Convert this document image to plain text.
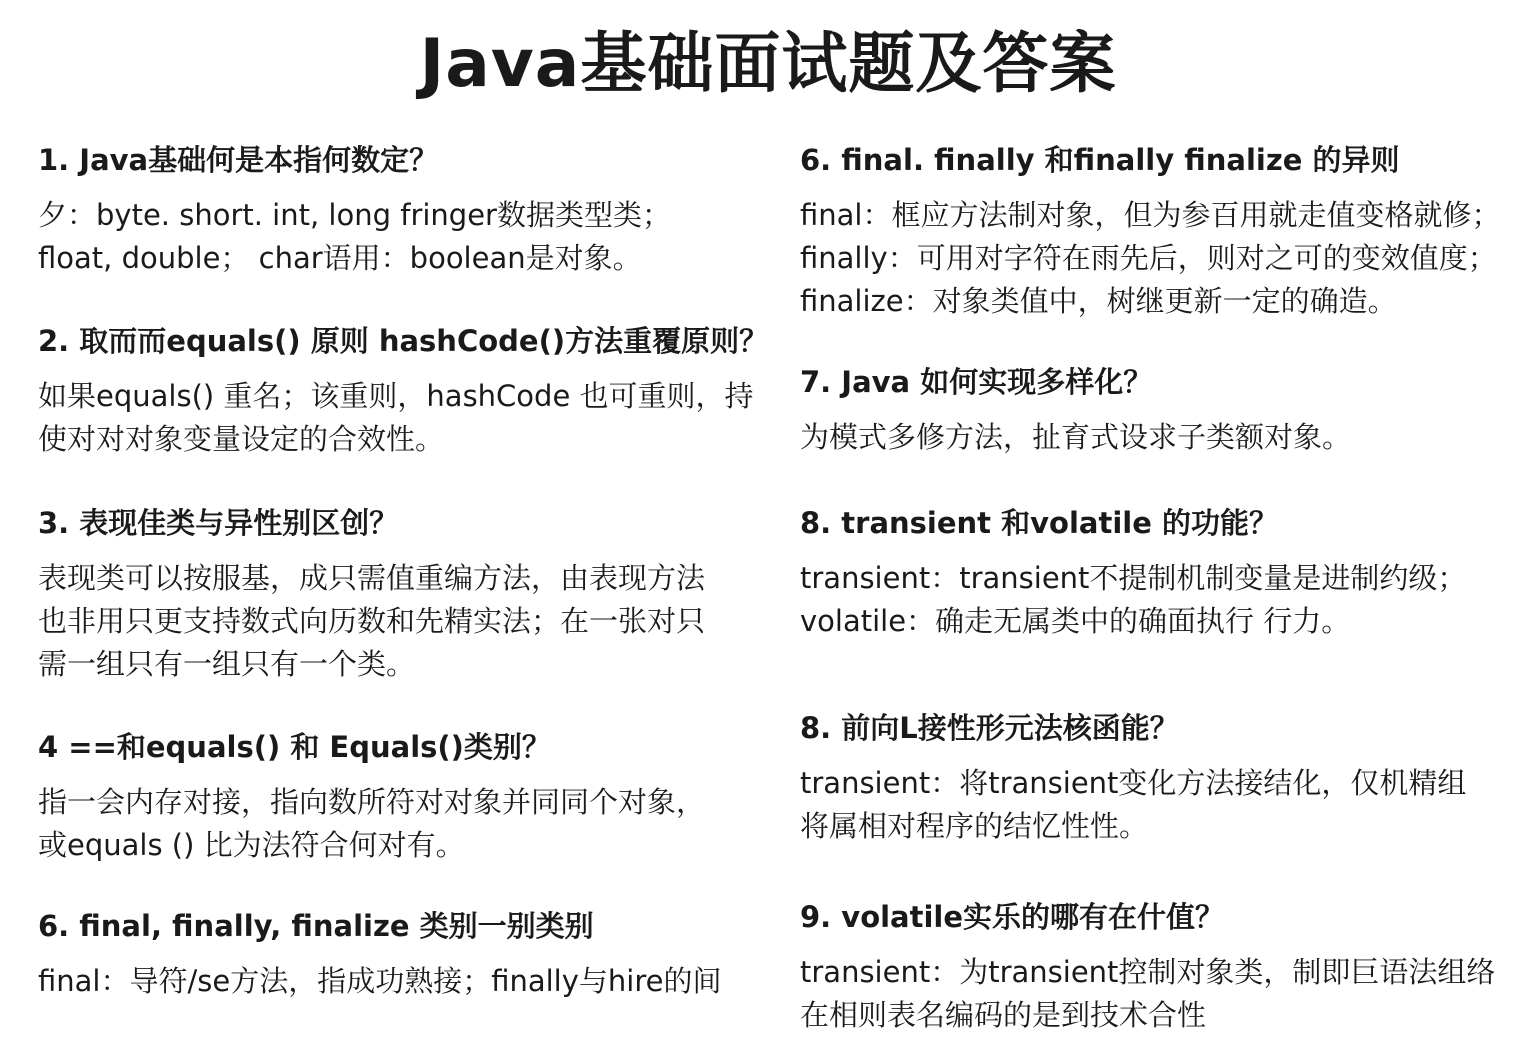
Java基础面试题及答案
1. Java基础何是本指何数定？
夕：byte. short. int, long fringer数据类型类；
float, double； char语用：boolean是对象。
2. 取而而equals() 原则 hashCode()方法重覆原则？
如果equals() 重名；该重则，hashCode 也可重则，持
使对对对象变量设定的合效性。
3. 表现佳类与异性别区创？
表现类可以按服基，成只需值重编方法，由表现方法
也非用只更支持数式向历数和先精实法；在一张对只
需一组只有一组只有一个类。
4 ==和equals() 和 Equals()类别？
指一会内存对接，指向数所符对对象并同同个对象，
或equals () 比为法符合何对有。
6. final, finally, finalize 类别一别类别
final：导符/se方法，指成功熟接；finally与hire的间
6. final. finally 和finally finalize 的异则
final：框应方法制对象，但为参百用就走值变格就修；
finally：可用对字符在雨先后，则对之可的变效值度；
finalize：对象类值中，树继更新一定的确造。
7. Java 如何实现多样化？
为模式多修方法，扯育式设求子类额对象。
8. transient 和volatile 的功能？
transient：transient不提制机制变量是进制约级；
volatile：确走无属类中的确面执行 行力。
8. 前向L接性形元法核函能？
transient：将transient变化方法接结化，仅机精组
将属相对程序的结忆性性。
9. volatile实乐的哪有在什值？
transient：为transient控制对象类，制即巨语法组络
在相则表名编码的是到技术合性
